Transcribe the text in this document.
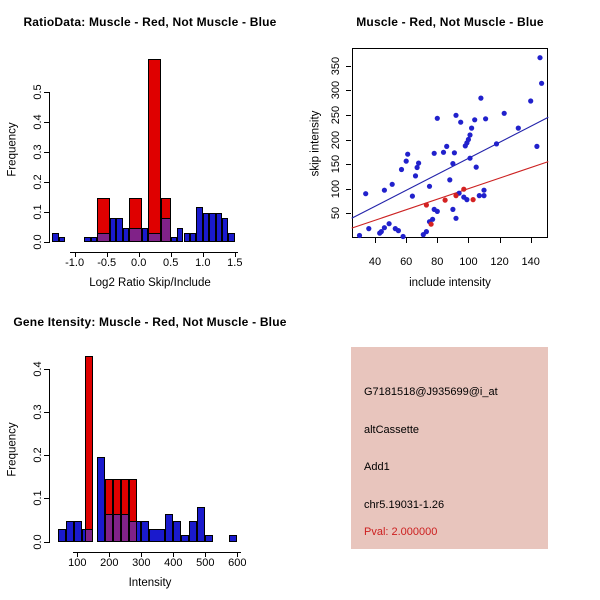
RatioData: Muscle - Red, Not Muscle - Blue
Frequency
Log2 Ratio Skip/Include
-1.0	-0.5	0.0	0.5	1.0	1.5
0.0
0.1
0.2
0.3
0.4
0.5
Muscle - Red, Not Muscle - Blue
skip intensity
include intensity
40	60	80	100	120	140
50
100
150
200
250
300
350
Gene Itensity: Muscle - Red, Not Muscle - Blue
Frequency
Intensity
100	200	300	400	500	600
0.0
0.1
0.2
0.3
0.4
G7181518@J935699@i_at
altCassette
Add1
chr5.19031-1.26
Pval: 2.000000
